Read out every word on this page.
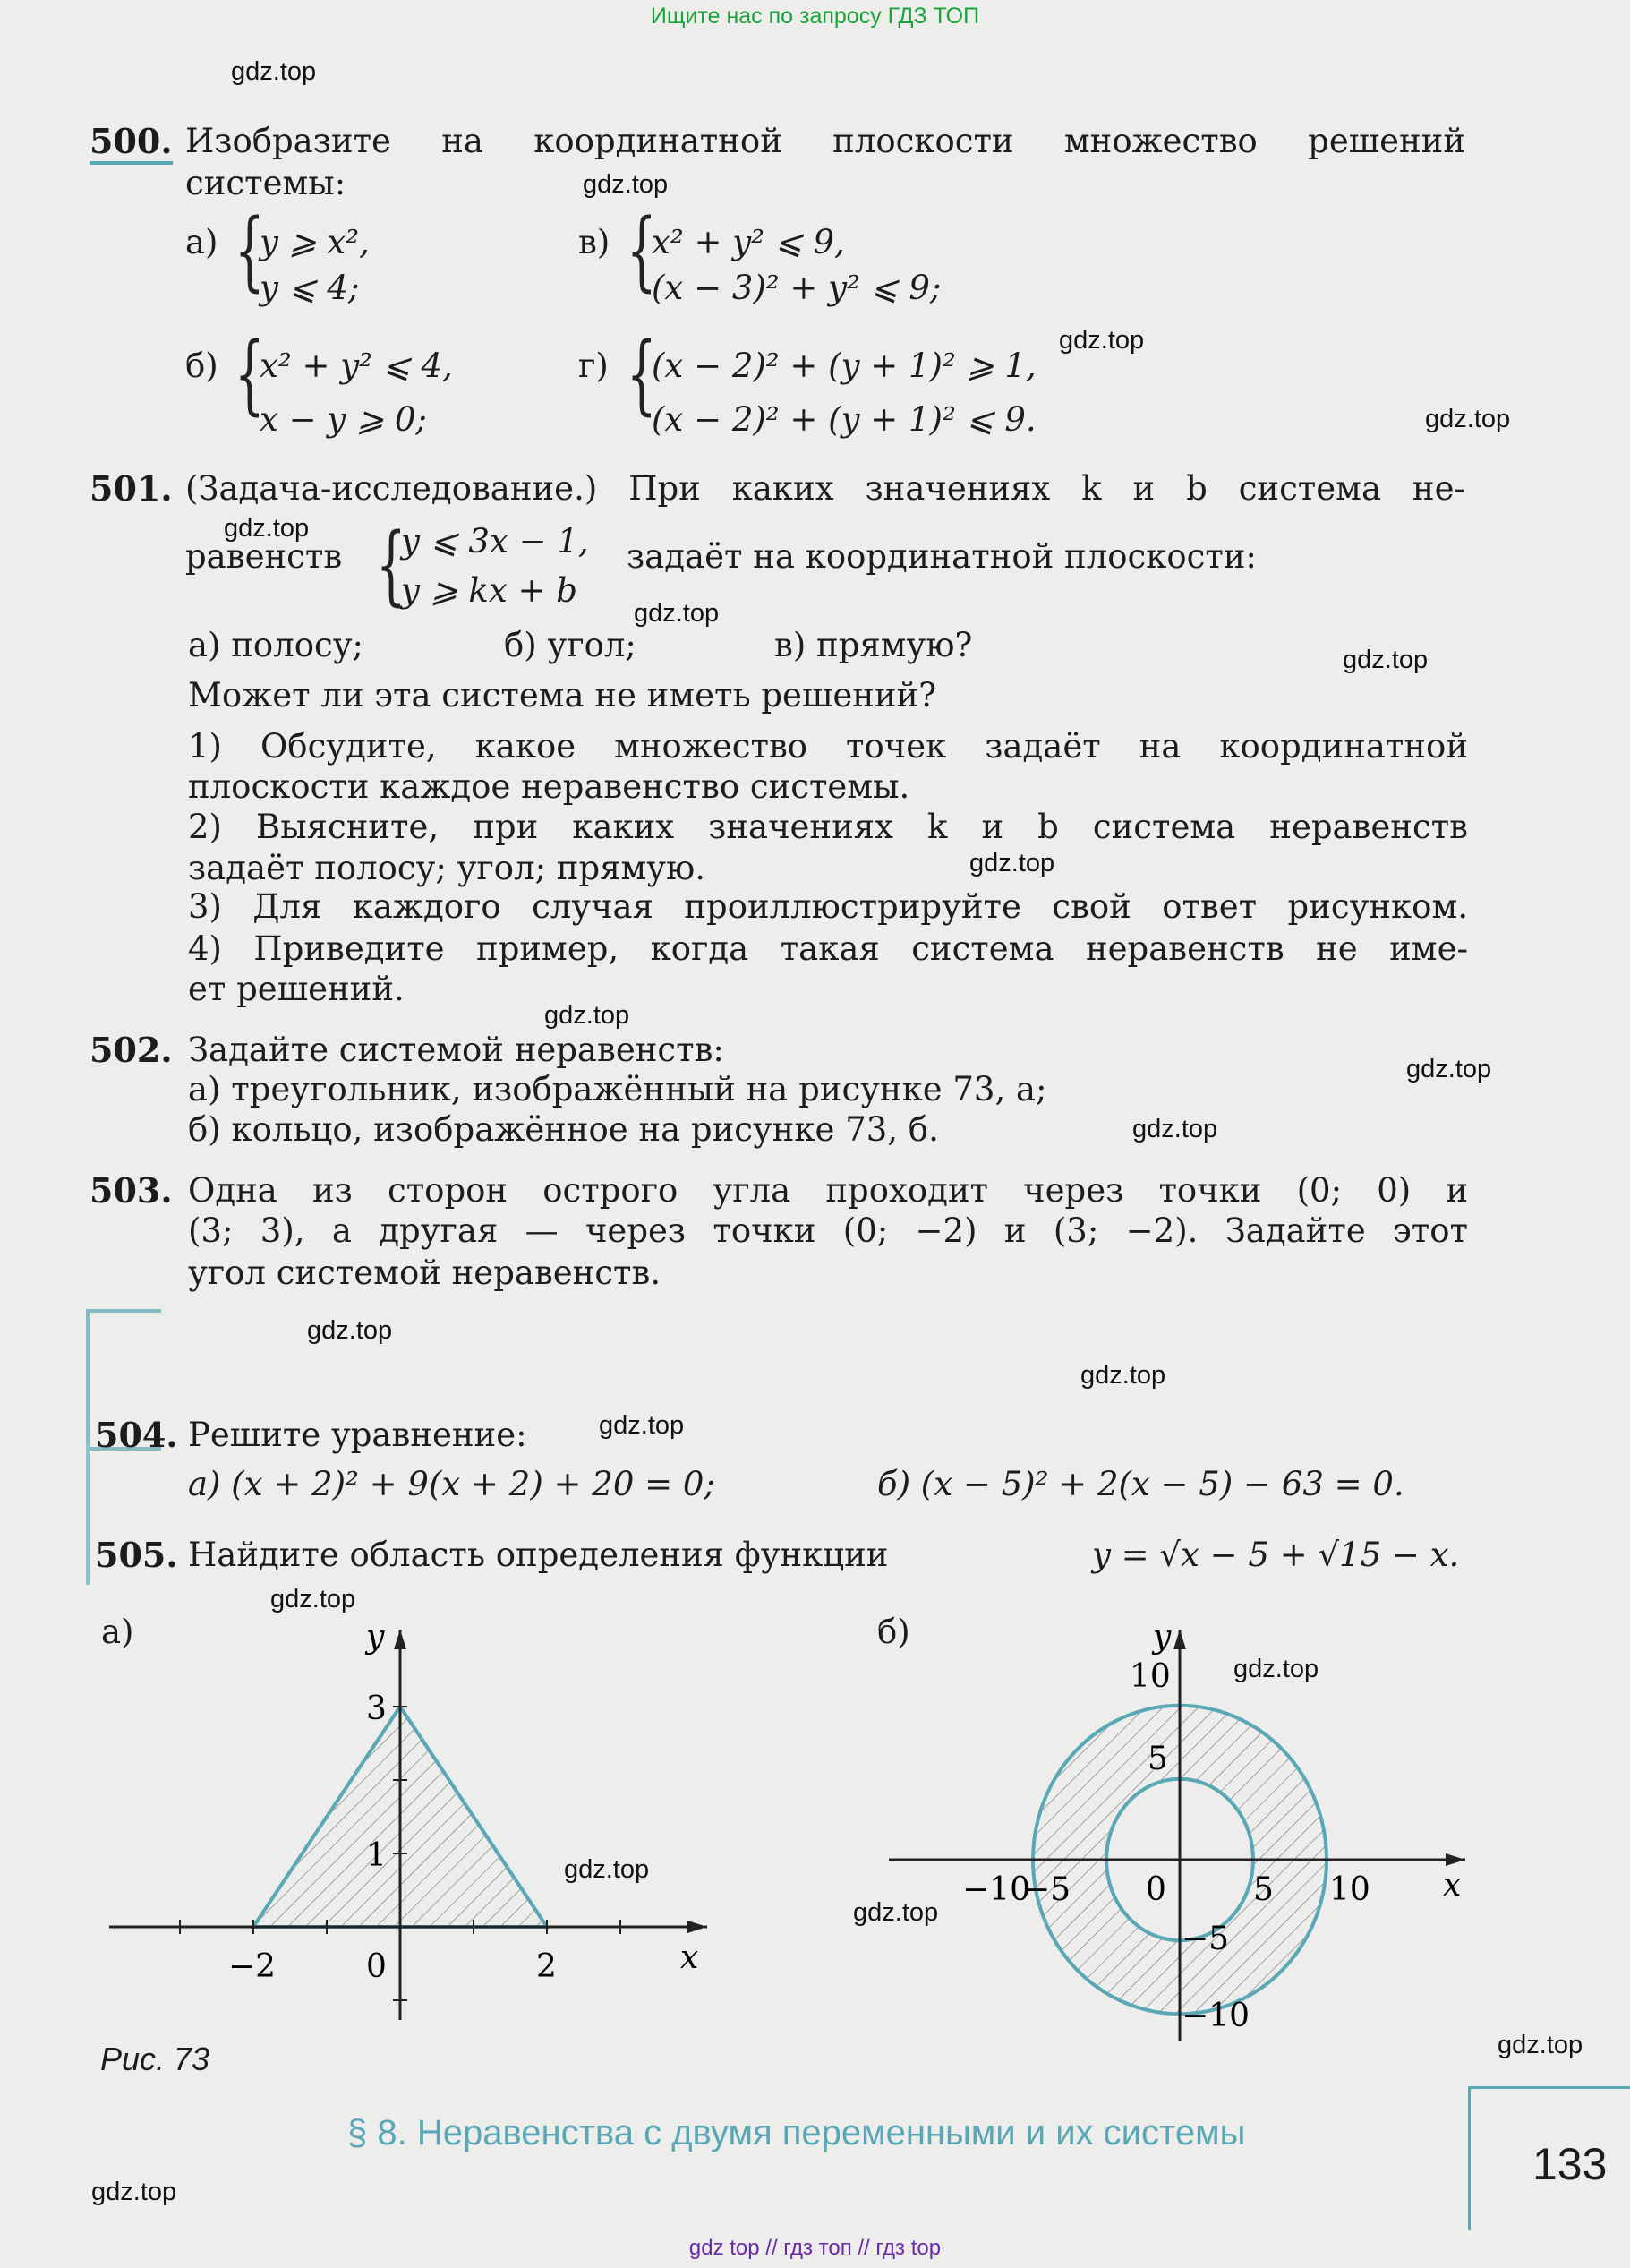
Ищите нас по запросу ГДЗ ТОП
500. Изобразите на координатной плоскости множество решений
системы:
а) {
y ⩾ x²,
y ⩽ 4;
в) {
x² + y² ⩽ 9,
(x − 3)² + y² ⩽ 9;
б) {
x² + y² ⩽ 4,
x − y ⩾ 0;
г) {
(x − 2)² + (y + 1)² ⩾ 1,
(x − 2)² + (y + 1)² ⩽ 9.
501. (Задача-исследование.) При каких значениях k и b система не-
равенств {
y ⩽ 3x − 1,
y ⩾ kx + b
задаёт на координатной плоскости:
а) полосу;	б) угол;	в) прямую?
Может ли эта система не иметь решений?
1) Обсудите, какое множество точек задаёт на координатной
плоскости каждое неравенство системы.
2) Выясните, при каких значениях k и b система неравенств
задаёт полосу; угол; прямую.
3) Для каждого случая проиллюстрируйте свой ответ рисунком.
4) Приведите пример, когда такая система неравенств не име-
ет решений.
502. Задайте системой неравенств:
а) треугольник, изображённый на рисунке 73, а;
б) кольцо, изображённое на рисунке 73, б.
503. Одна из сторон острого угла проходит через точки (0; 0) и
(3; 3), а другая — через точки (0; −2) и (3; −2). Задайте этот
угол системой неравенств.
504. Решите уравнение:
а) (x + 2)² + 9(x + 2) + 20 = 0;	б) (x − 5)² + 2(x − 5) − 63 = 0.
505. Найдите область определения функции	y = √x − 5 + √15 − x.
−2	0	2
1
3
x
y
−10
−5 0	5 10
10
5
−5
−10
x
y
а)	б)
Рис. 73
§ 8. Неравенства с двумя переменными и их системы
133
gdz top // гдз топ // гдз top
gdz.top
gdz.top
gdz.top
gdz.top
gdz.top
gdz.top
gdz.top
gdz.top
gdz.top
gdz.top
gdz.top
gdz.top
gdz.top
gdz.top
gdz.top
gdz.top
gdz.top
gdz.top
gdz.top
gdz.top
